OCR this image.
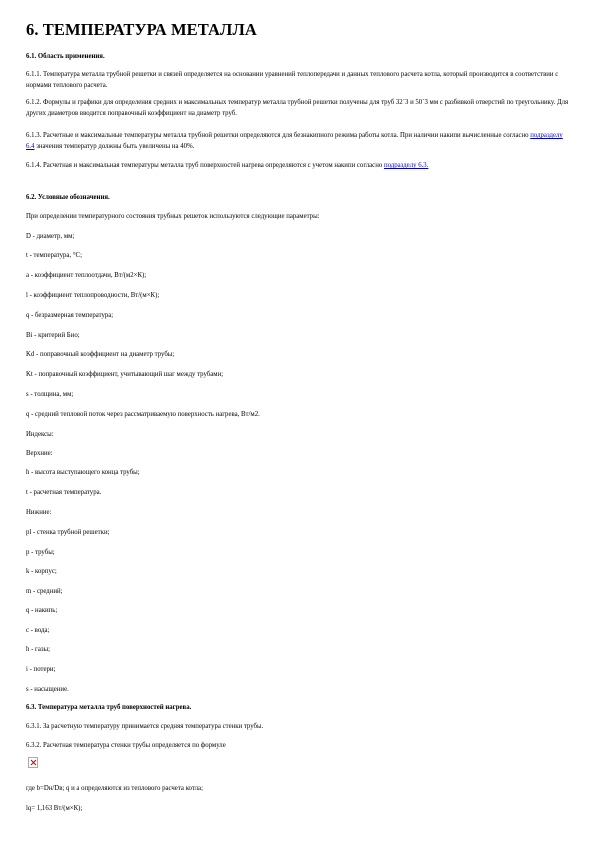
6. ТЕМПЕРАТУРА МЕТАЛЛА
6.1. Область применения.
6.1.1. Температура металла трубной решетки и связей определяется на основании уравнений теплопередачи и данных теплового расчета котла, который производится в соответствии с нормами теплового расчета.
6.1.2. Формулы и графики для определения средних и максимальных температур металла трубной решетки получены для труб 32´3 и 50´3 мм с разбивкой отверстий по треугольнику. Для других диаметров вводится поправочный коэффициент на диаметр труб.
6.1.3. Расчетные и максимальные температуры металла трубной решетки определяются для безнакипного режима работы котла. При наличии накипи вычисленные согласно подразделу 6.4 значения температур должны быть увеличены на 40%.
6.1.4. Расчетная и максимальная температуры металла труб поверхностей нагрева определяются с учетом накипи согласно подразделу 6.3.
6.2. Условные обозначения.
При определении температурного состояния трубных решеток используются следующие параметры:
D - диаметр, мм;
t - температура, °С;
a - коэффициент теплоотдачи, Вт/(м2×К);
l - коэффициент теплопроводности, Вт/(м×К);
q - безразмерная температура;
Bi - критерий Био;
Kd - поправочный коэффициент на диаметр трубы;
Kt - поправочный коэффициент, учитывающий шаг между трубами;
s - толщина, мм;
q - средний тепловой поток через рассматриваемую поверхность нагрева, Вт/м2.
Индексы:
Верхние:
h - высота выступающего конца трубы;
t - расчетная температура.
Нижние:
pl - стенка трубной решетки;
p - трубы;
k - корпус;
m - средний;
q - накипь;
c - вода;
h - газы;
i - потери;
s - насыщение.
6.3. Температура металла труб поверхностей нагрева.
6.3.1. За расчетную температуру принимается средняя температура стенки трубы.
6.3.2. Расчетная температура стенки трубы определяется по формуле
где b=Dн/Dв; q и a определяются из теплового расчета котла;
lq= 1,163 Вт/(м×К);
